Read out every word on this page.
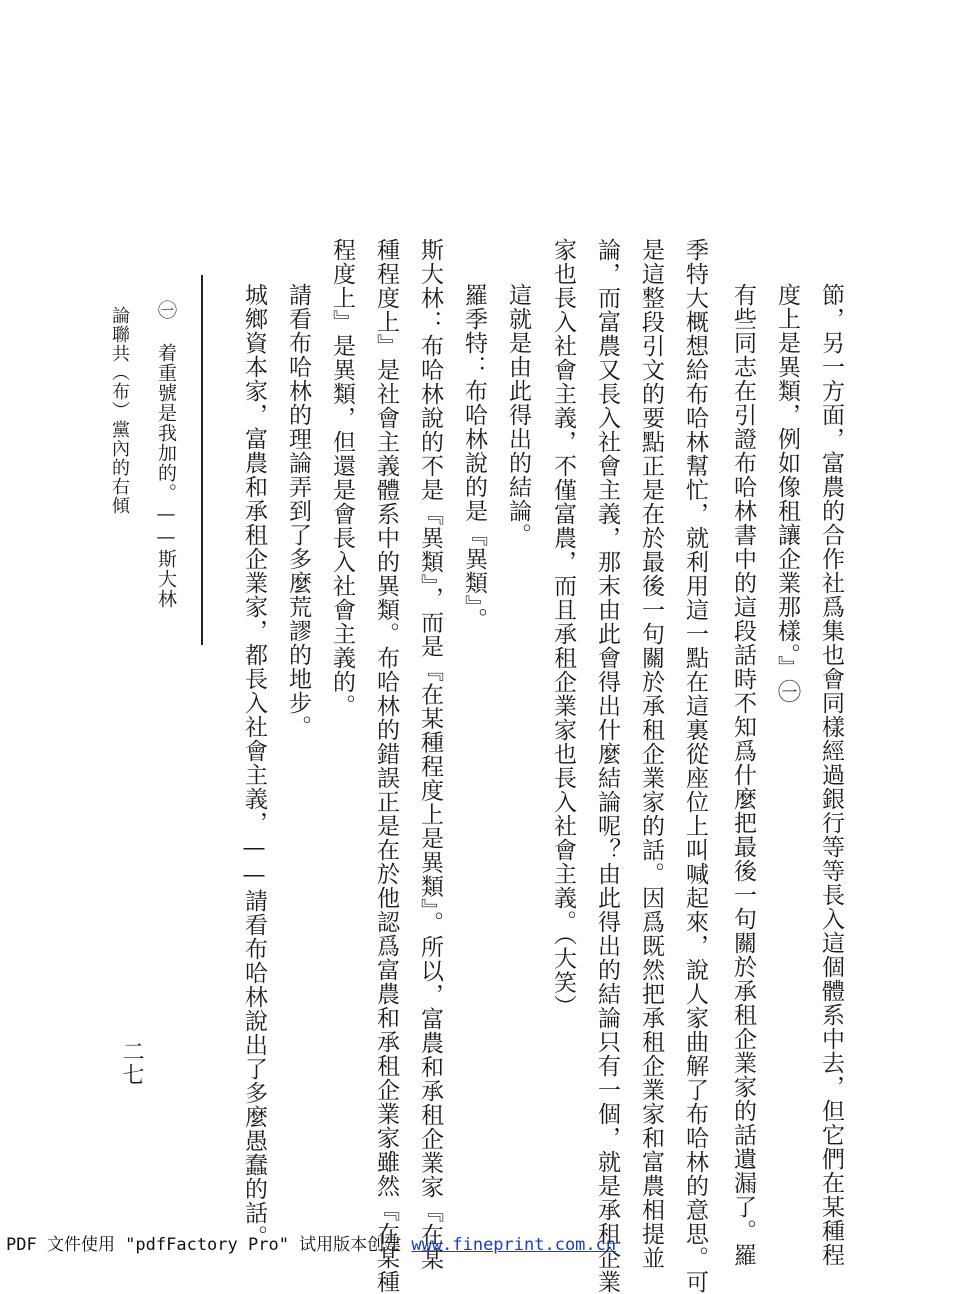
節，另一方面，富農的合作社爲集也會同樣經過銀行等等長入這個體系中去，但它們在某種程
度上是異類，例如像租讓企業那樣。』㊀
有些同志在引證布哈林書中的這段話時不知爲什麼把最後一句關於承租企業家的話遺漏了。羅
季特大概想給布哈林幫忙，就利用這一點在這裏從座位上叫喊起來，說人家曲解了布哈林的意思。可
是這整段引文的要點正是在於最後一句關於承租企業家的話。因爲既然把承租企業家和富農相提並
論，而富農又長入社會主義，那末由此會得出什麼結論呢？由此得出的結論只有一個，就是承租企業
家也長入社會主義，不僅富農，而且承租企業家也長入社會主義。（大笑）
這就是由此得出的結論。
羅季特：布哈林說的是『異類』。
斯大林：布哈林說的不是『異類』，而是『在某種程度上是異類』。所以，富農和承租企業家『在某
種程度上』是社會主義體系中的異類。布哈林的錯誤正是在於他認爲富農和承租企業家雖然『在某種
程度上』是異類，但還是會長入社會主義的。
請看布哈林的理論弄到了多麼荒謬的地步。
城鄉資本家，富農和承租企業家，都長入社會主義，——請看布哈林說出了多麼愚蠢的話。
㊀ 着重號是我加的。——斯大林
論聯共（布）黨內的右傾
二七
PDF 文件使用 "pdfFactory Pro" 试用版本创建 www.fineprint.com.cn
